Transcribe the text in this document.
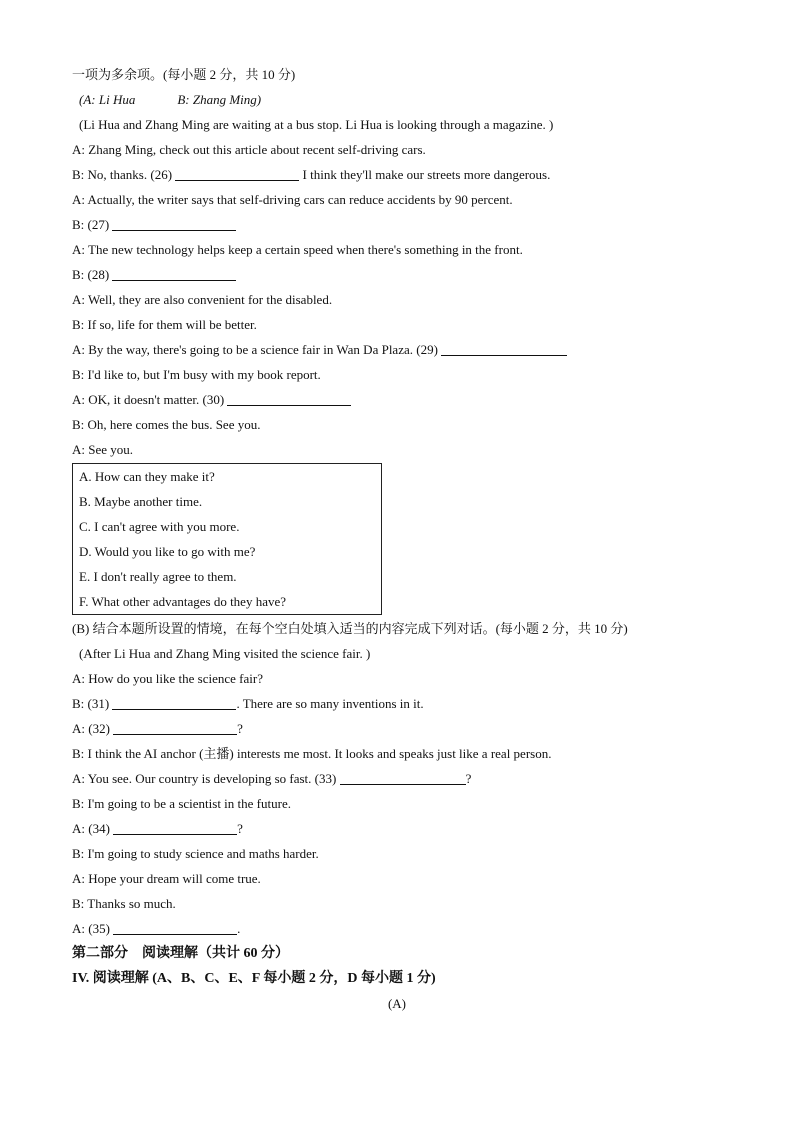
一项为多余项。(每小题 2 分，共 10 分)
(A: Li Hua	B: Zhang Ming)
(Li Hua and Zhang Ming are waiting at a bus stop. Li Hua is looking through a magazine. )
A: Zhang Ming, check out this article about recent self-driving cars.
B: No, thanks. (26)	I think they'll make our streets more dangerous.
A: Actually, the writer says that self-driving cars can reduce accidents by 90 percent.
B: (27)
A: The new technology helps keep a certain speed when there's something in the front.
B: (28)
A: Well, they are also convenient for the disabled.
B: If so, life for them will be better.
A: By the way, there's going to be a science fair in Wan Da Plaza. (29)
B: I'd like to, but I'm busy with my book report.
A: OK, it doesn't matter. (30)
B: Oh, here comes the bus. See you.
A: See you.
A. How can they make it?
B. Maybe another time.
C. I can't agree with you more.
D. Would you like to go with me?
E. I don't really agree to them.
F. What other advantages do they have?
(B) 结合本题所设置的情境，在每个空白处填入适当的内容完成下列对话。(每小题 2 分，共 10 分)
(After Li Hua and Zhang Ming visited the science fair. )
A: How do you like the science fair?
B: (31)	. There are so many inventions in it.
A: (32)	?
B: I think the AI anchor (主播) interests me most. It looks and speaks just like a real person.
A: You see. Our country is developing so fast. (33)	?
B: I'm going to be a scientist in the future.
A: (34)	?
B: I'm going to study science and maths harder.
A: Hope your dream will come true.
B: Thanks so much.
A: (35)	.
第二部分　阅读理解（共计 60 分）
IV. 阅读理解 (A、B、C、E、F 每小题 2 分，D 每小题 1 分)
(A)
